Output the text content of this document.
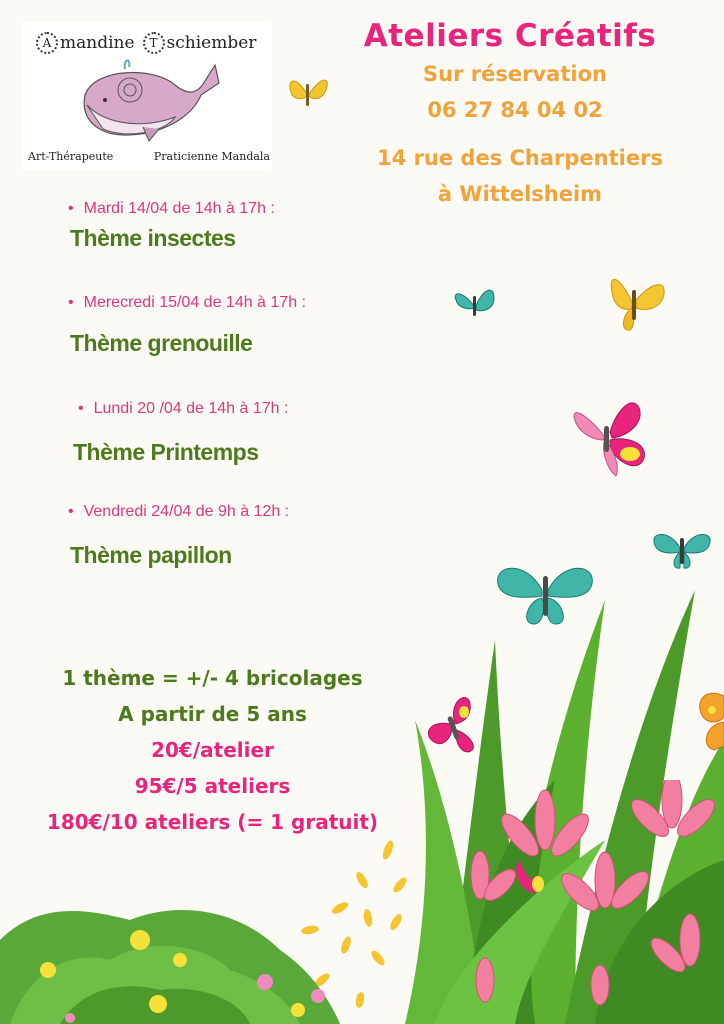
A mandine T schiember
Art-Thérapeute	Praticienne Mandala
Ateliers Créatifs
Sur réservation
06 27 84 04 02
14 rue des Charpentiers
à Wittelsheim
• Mardi 14/04 de 14h à 17h :
Thème insectes
• Merecredi 15/04 de 14h à 17h :
Thème grenouille
• Lundi 20 /04 de 14h à 17h :
Thème Printemps
• Vendredi 24/04 de 9h à 12h :
Thème papillon
1 thème = +/- 4 bricolages
A partir de 5 ans
20€/atelier
95€/5 ateliers
180€/10 ateliers (= 1 gratuit)
